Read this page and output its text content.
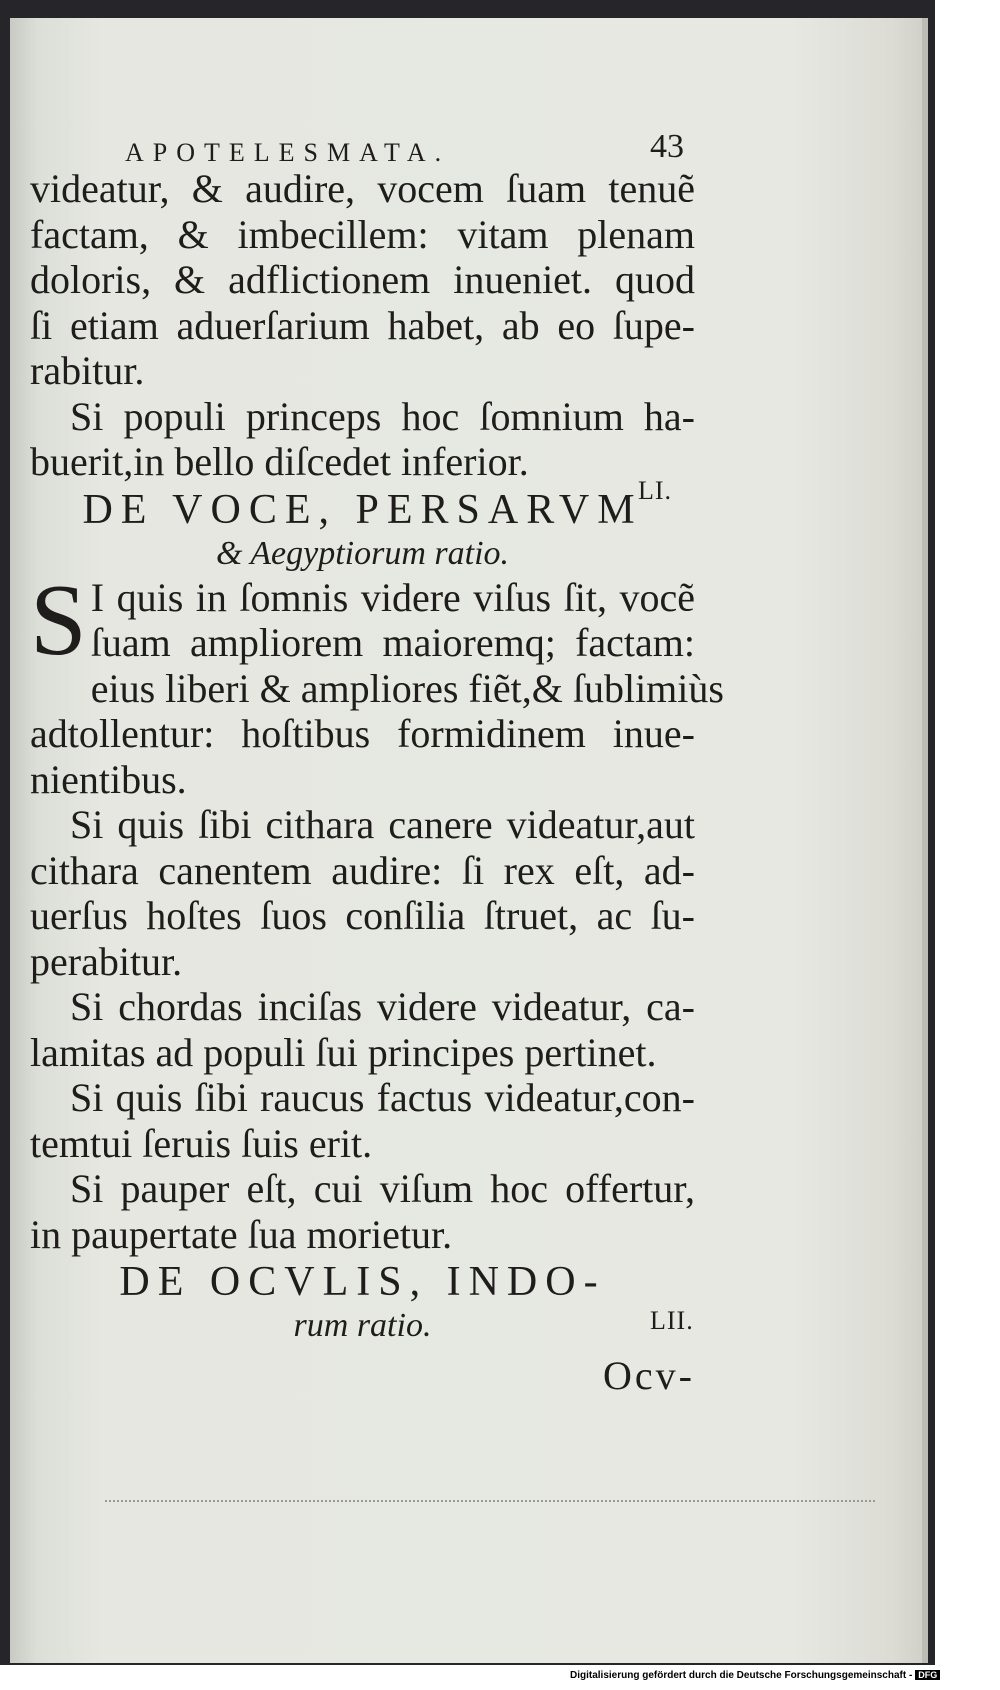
APOTELESMATA.	43
videatur, & audire, vocem ſuam tenuẽ
factam, & imbecillem: vitam plenam
doloris, & adflictionem inueniet. quod
ſi etiam aduerſarium habet, ab eo ſupe-
rabitur.
Si populi princeps hoc ſomnium ha-
buerit,in bello diſcedet inferior.
DE VOCE, PERSARVM
& Aegyptiorum ratio.
S I quis in ſomnis videre viſus ſit, vocẽ
ſuam ampliorem maioremq; factam:
eius liberi & ampliores fiẽt,& ſublimiùs
adtollentur: hoſtibus formidinem inue-
nientibus.
Si quis ſibi cithara canere videatur,aut
cithara canentem audire: ſi rex eſt, ad-
uerſus hoſtes ſuos conſilia ſtruet, ac ſu-
perabitur.
Si chordas inciſas videre videatur, ca-
lamitas ad populi ſui principes pertinet.
Si quis ſibi raucus factus videatur,con-
temtui ſeruis ſuis erit.
Si pauper eſt, cui viſum hoc offertur,
in paupertate ſua morietur.
DE OCVLIS, INDO-
rum ratio.
Ocv-
LI.
LII.
Digitalisierung gefördert durch die Deutsche Forschungsgemeinschaft - DFG
